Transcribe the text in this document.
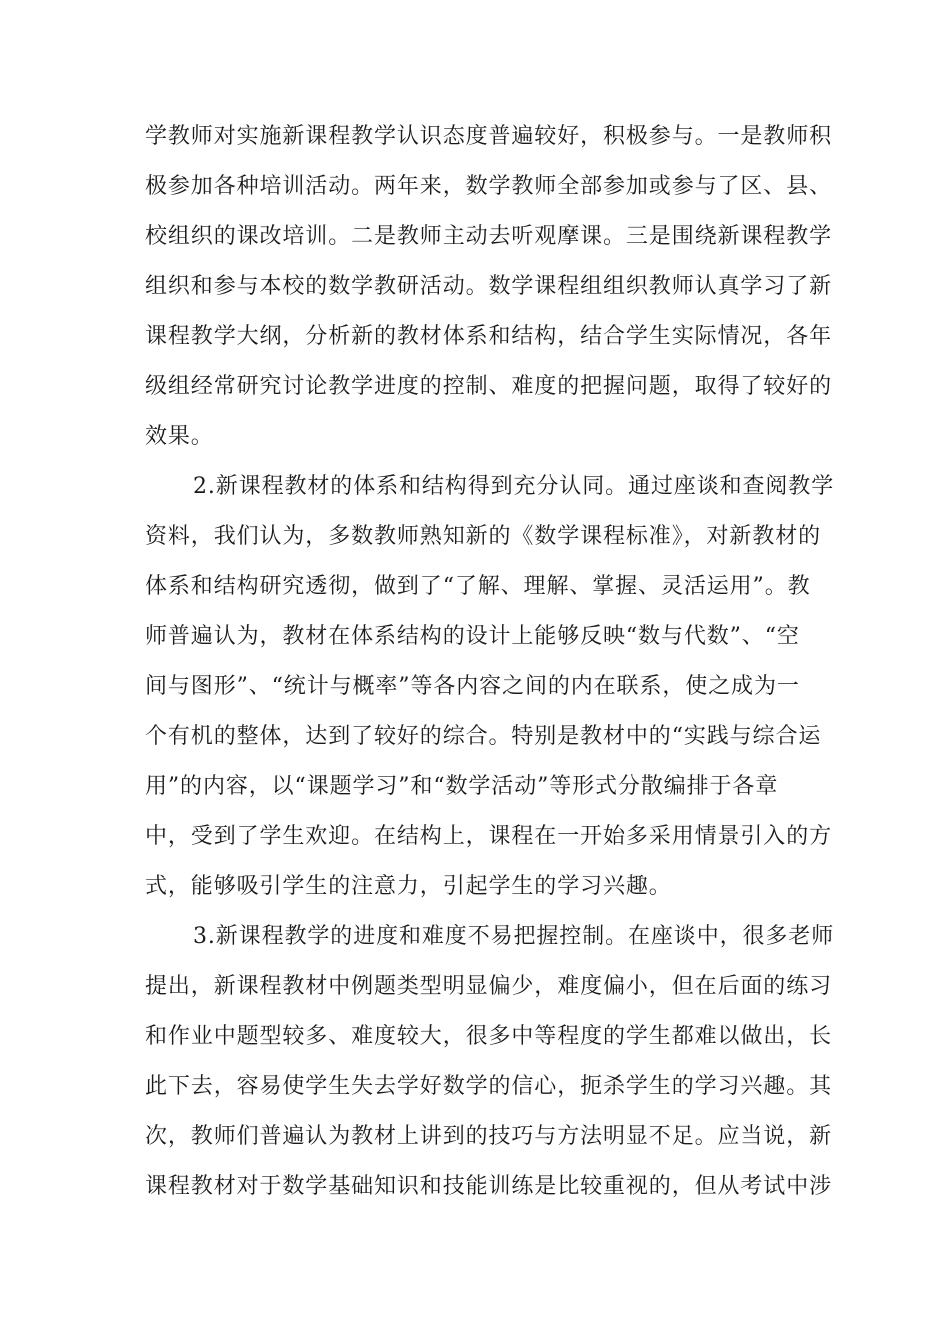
学教师对实施新课程教学认识态度普遍较好，积极参与。一是教师积
极参加各种培训活动。两年来，数学教师全部参加或参与了区、县、
校组织的课改培训。二是教师主动去听观摩课。三是围绕新课程教学
组织和参与本校的数学教研活动。数学课程组组织教师认真学习了新
课程教学大纲，分析新的教材体系和结构，结合学生实际情况，各年
级组经常研究讨论教学进度的控制、难度的把握问题，取得了较好的
效果。
2.新课程教材的体系和结构得到充分认同。通过座谈和查阅教学
资料，我们认为，多数教师熟知新的《数学课程标准》，对新教材的
体系和结构研究透彻，做到了“了解、理解、掌握、灵活运用”。教
师普遍认为，教材在体系结构的设计上能够反映“数与代数”、“空
间与图形”、“统计与概率”等各内容之间的内在联系，使之成为一
个有机的整体，达到了较好的综合。特别是教材中的“实践与综合运
用”的内容，以“课题学习”和“数学活动”等形式分散编排于各章
中，受到了学生欢迎。在结构上，课程在一开始多采用情景引入的方
式，能够吸引学生的注意力，引起学生的学习兴趣。
3.新课程教学的进度和难度不易把握控制。在座谈中，很多老师
提出，新课程教材中例题类型明显偏少，难度偏小，但在后面的练习
和作业中题型较多、难度较大，很多中等程度的学生都难以做出，长
此下去，容易使学生失去学好数学的信心，扼杀学生的学习兴趣。其
次，教师们普遍认为教材上讲到的技巧与方法明显不足。应当说，新
课程教材对于数学基础知识和技能训练是比较重视的，但从考试中涉
